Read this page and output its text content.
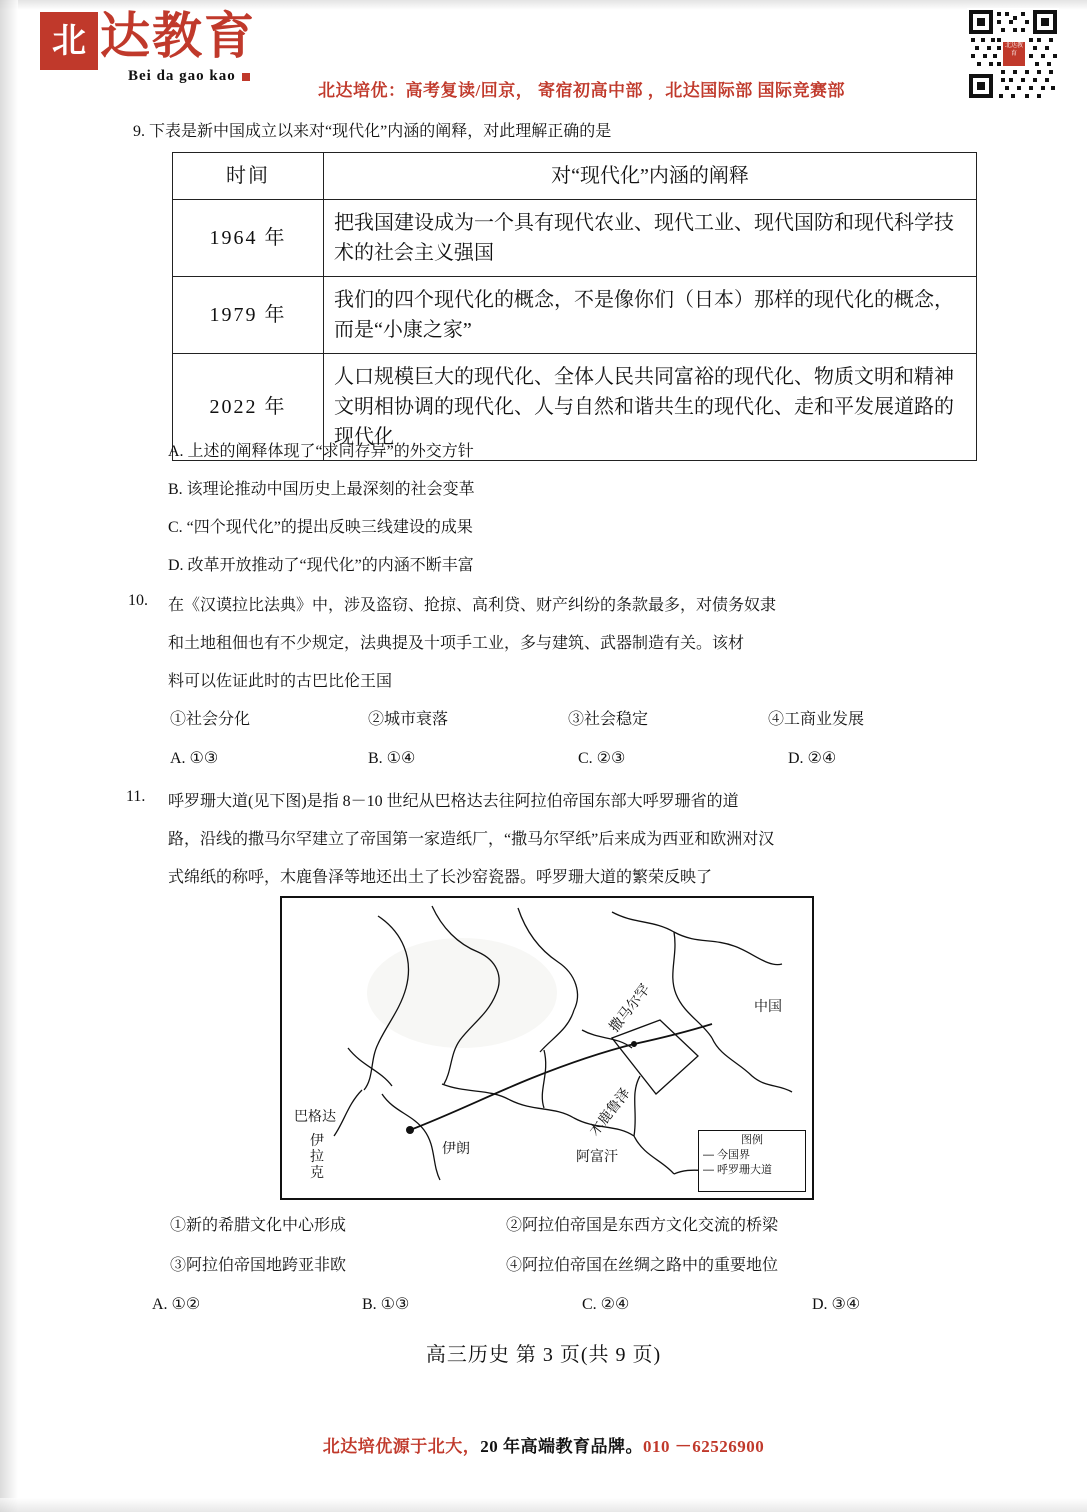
北 达教育
Bei da gao kao
北达培优：高考复读/回京， 寄宿初高中部 ，北达国际部 国际竞赛部
北达教育
9. 下表是新中国成立以来对“现代化”内涵的阐释，对此理解正确的是
时间	对“现代化”内涵的阐释
1964 年	把我国建设成为一个具有现代农业、现代工业、现代国防和现代科学技术的社会主义强国
1979 年	我们的四个现代化的概念，不是像你们（日本）那样的现代化的概念，而是“小康之家”
2022 年	人口规模巨大的现代化、全体人民共同富裕的现代化、物质文明和精神文明相协调的现代化、人与自然和谐共生的现代化、走和平发展道路的现代化
A. 上述的阐释体现了“求同存异”的外交方针
B. 该理论推动中国历史上最深刻的社会变革
C. “四个现代化”的提出反映三线建设的成果
D. 改革开放推动了“现代化”的内涵不断丰富
10. 在《汉谟拉比法典》中，涉及盗窃、抢掠、高利贷、财产纠纷的条款最多，对债务奴隶
和土地租佃也有不少规定，法典提及十项手工业，多与建筑、武器制造有关。该材
料可以佐证此时的古巴比伦王国
①社会分化	②城市衰落	③社会稳定	④工商业发展
A. ①③	B. ①④	C. ②③	D. ②④
11. 呼罗珊大道(见下图)是指 8－10 世纪从巴格达去往阿拉伯帝国东部大呼罗珊省的道
路，沿线的撒马尔罕建立了帝国第一家造纸厂，“撒马尔罕纸”后来成为西亚和欧洲对汉
式绵纸的称呼，木鹿鲁泽等地还出土了长沙窑瓷器。呼罗珊大道的繁荣反映了
撒马尔罕
木鹿鲁泽
中国
巴格达
伊朗
阿富汗
伊拉克
图例
— 今国界
— 呼罗珊大道
①新的希腊文化中心形成	②阿拉伯帝国是东西方文化交流的桥梁
③阿拉伯帝国地跨亚非欧	④阿拉伯帝国在丝绸之路中的重要地位
A. ①②	B. ①③	C. ②④	D. ③④
高三历史 第 3 页(共 9 页)
北达培优源于北大，20 年高端教育品牌。010 －62526900
